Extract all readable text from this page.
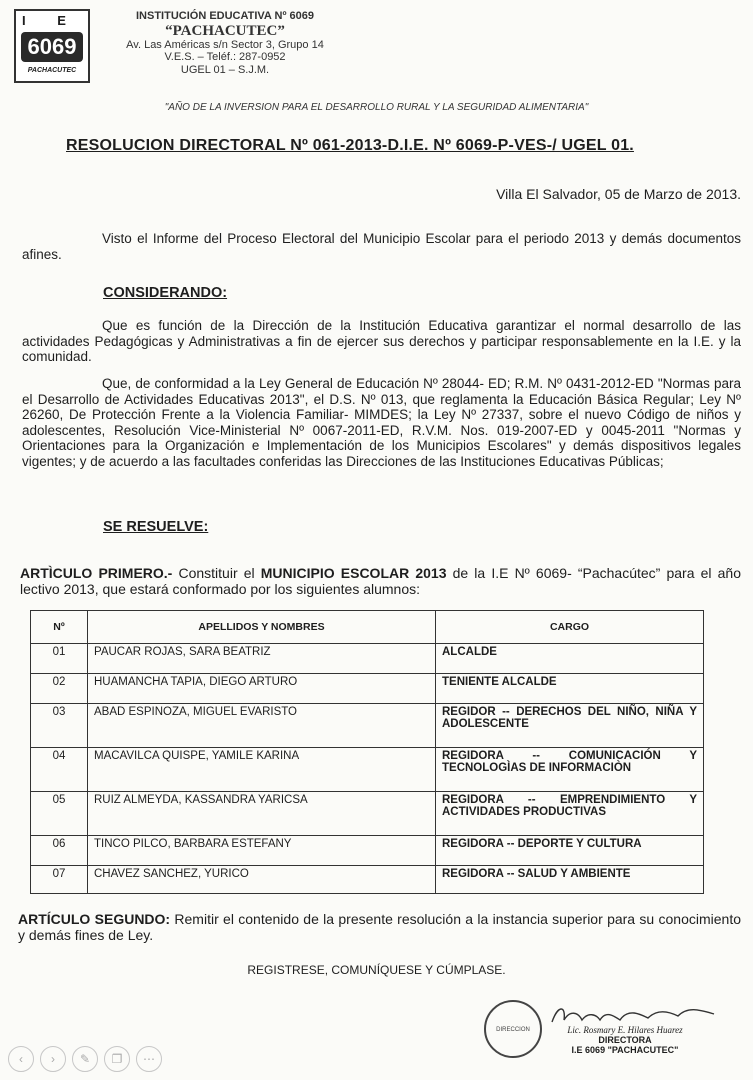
I E
6069
PACHACUTEC
INSTITUCIÓN EDUCATIVA Nº 6069
“PACHACUTEC”
Av. Las Américas s/n Sector 3, Grupo 14
V.E.S. – Teléf.: 287-0952
UGEL 01 – S.J.M.
"AÑO DE LA INVERSION PARA EL DESARROLLO RURAL Y LA SEGURIDAD ALIMENTARIA"
RESOLUCION DIRECTORAL Nº 061-2013-D.I.E. Nº 6069-P-VES-/ UGEL 01.
Villa El Salvador, 05 de Marzo de 2013.

Visto el Informe del Proceso Electoral del Municipio Escolar para el periodo 2013 y demás documentos afines.

CONSIDERANDO:

Que es función de la Dirección de la Institución Educativa garantizar el normal desarrollo de las actividades Pedagógicas y Administrativas a fin de ejercer sus derechos y participar responsablemente en la I.E. y la comunidad.

Que, de conformidad a la Ley General de Educación Nº 28044- ED; R.M. Nº 0431-2012-ED "Normas para el Desarrollo de Actividades Educativas 2013", el D.S. Nº 013, que reglamenta la Educación Básica Regular; Ley Nº 26260, De Protección Frente a la Violencia Familiar- MIMDES; la Ley Nº 27337, sobre el nuevo Código de niños y adolescentes, Resolución Vice-Ministerial Nº 0067-2011-ED, R.V.M. Nos. 019-2007-ED y 0045-2011 "Normas y Orientaciones para la Organización e Implementación de los Municipios Escolares" y demás dispositivos legales vigentes; y de acuerdo a las facultades conferidas las Direcciones de las Instituciones Educativas Públicas;

SE RESUELVE:

ARTÌCULO PRIMERO.- Constituir el MUNICIPIO ESCOLAR 2013 de la I.E Nº 6069- “Pachacútec” para el año lectivo 2013, que estará conformado por los siguientes alumnos:

Nº	APELLIDOS Y NOMBRES	CARGO
01	PAUCAR ROJAS, SARA BEATRIZ	ALCALDE
02	HUAMANCHA TAPIA, DIEGO ARTURO	TENIENTE ALCALDE
03	ABAD ESPINOZA, MIGUEL EVARISTO	REGIDOR -- DERECHOS DEL NIÑO, NIÑA Y ADOLESCENTE
04	MACAVILCA QUISPE, YAMILE KARINA	REGIDORA -- COMUNICACIÓN Y TECNOLOGÌAS DE INFORMACIÒN
05	RUIZ ALMEYDA, KASSANDRA YARICSA	REGIDORA -- EMPRENDIMIENTO Y ACTIVIDADES PRODUCTIVAS
06	TINCO PILCO, BARBARA ESTEFANY	REGIDORA -- DEPORTE Y CULTURA
07	CHAVEZ SANCHEZ, YURICO	REGIDORA -- SALUD Y AMBIENTE

ARTÍCULO SEGUNDO: Remitir el contenido de la presente resolución a la instancia superior para su conocimiento y demás fines de Ley.

REGISTRESE, COMUNÍQUESE Y CÚMPLASE.
DIRECCION	Lic. Rosmary E. Hilares Huarez
DIRECTORA
I.E 6069 "PACHACUTEC"
‹ › ✎ ❐ ⋯
